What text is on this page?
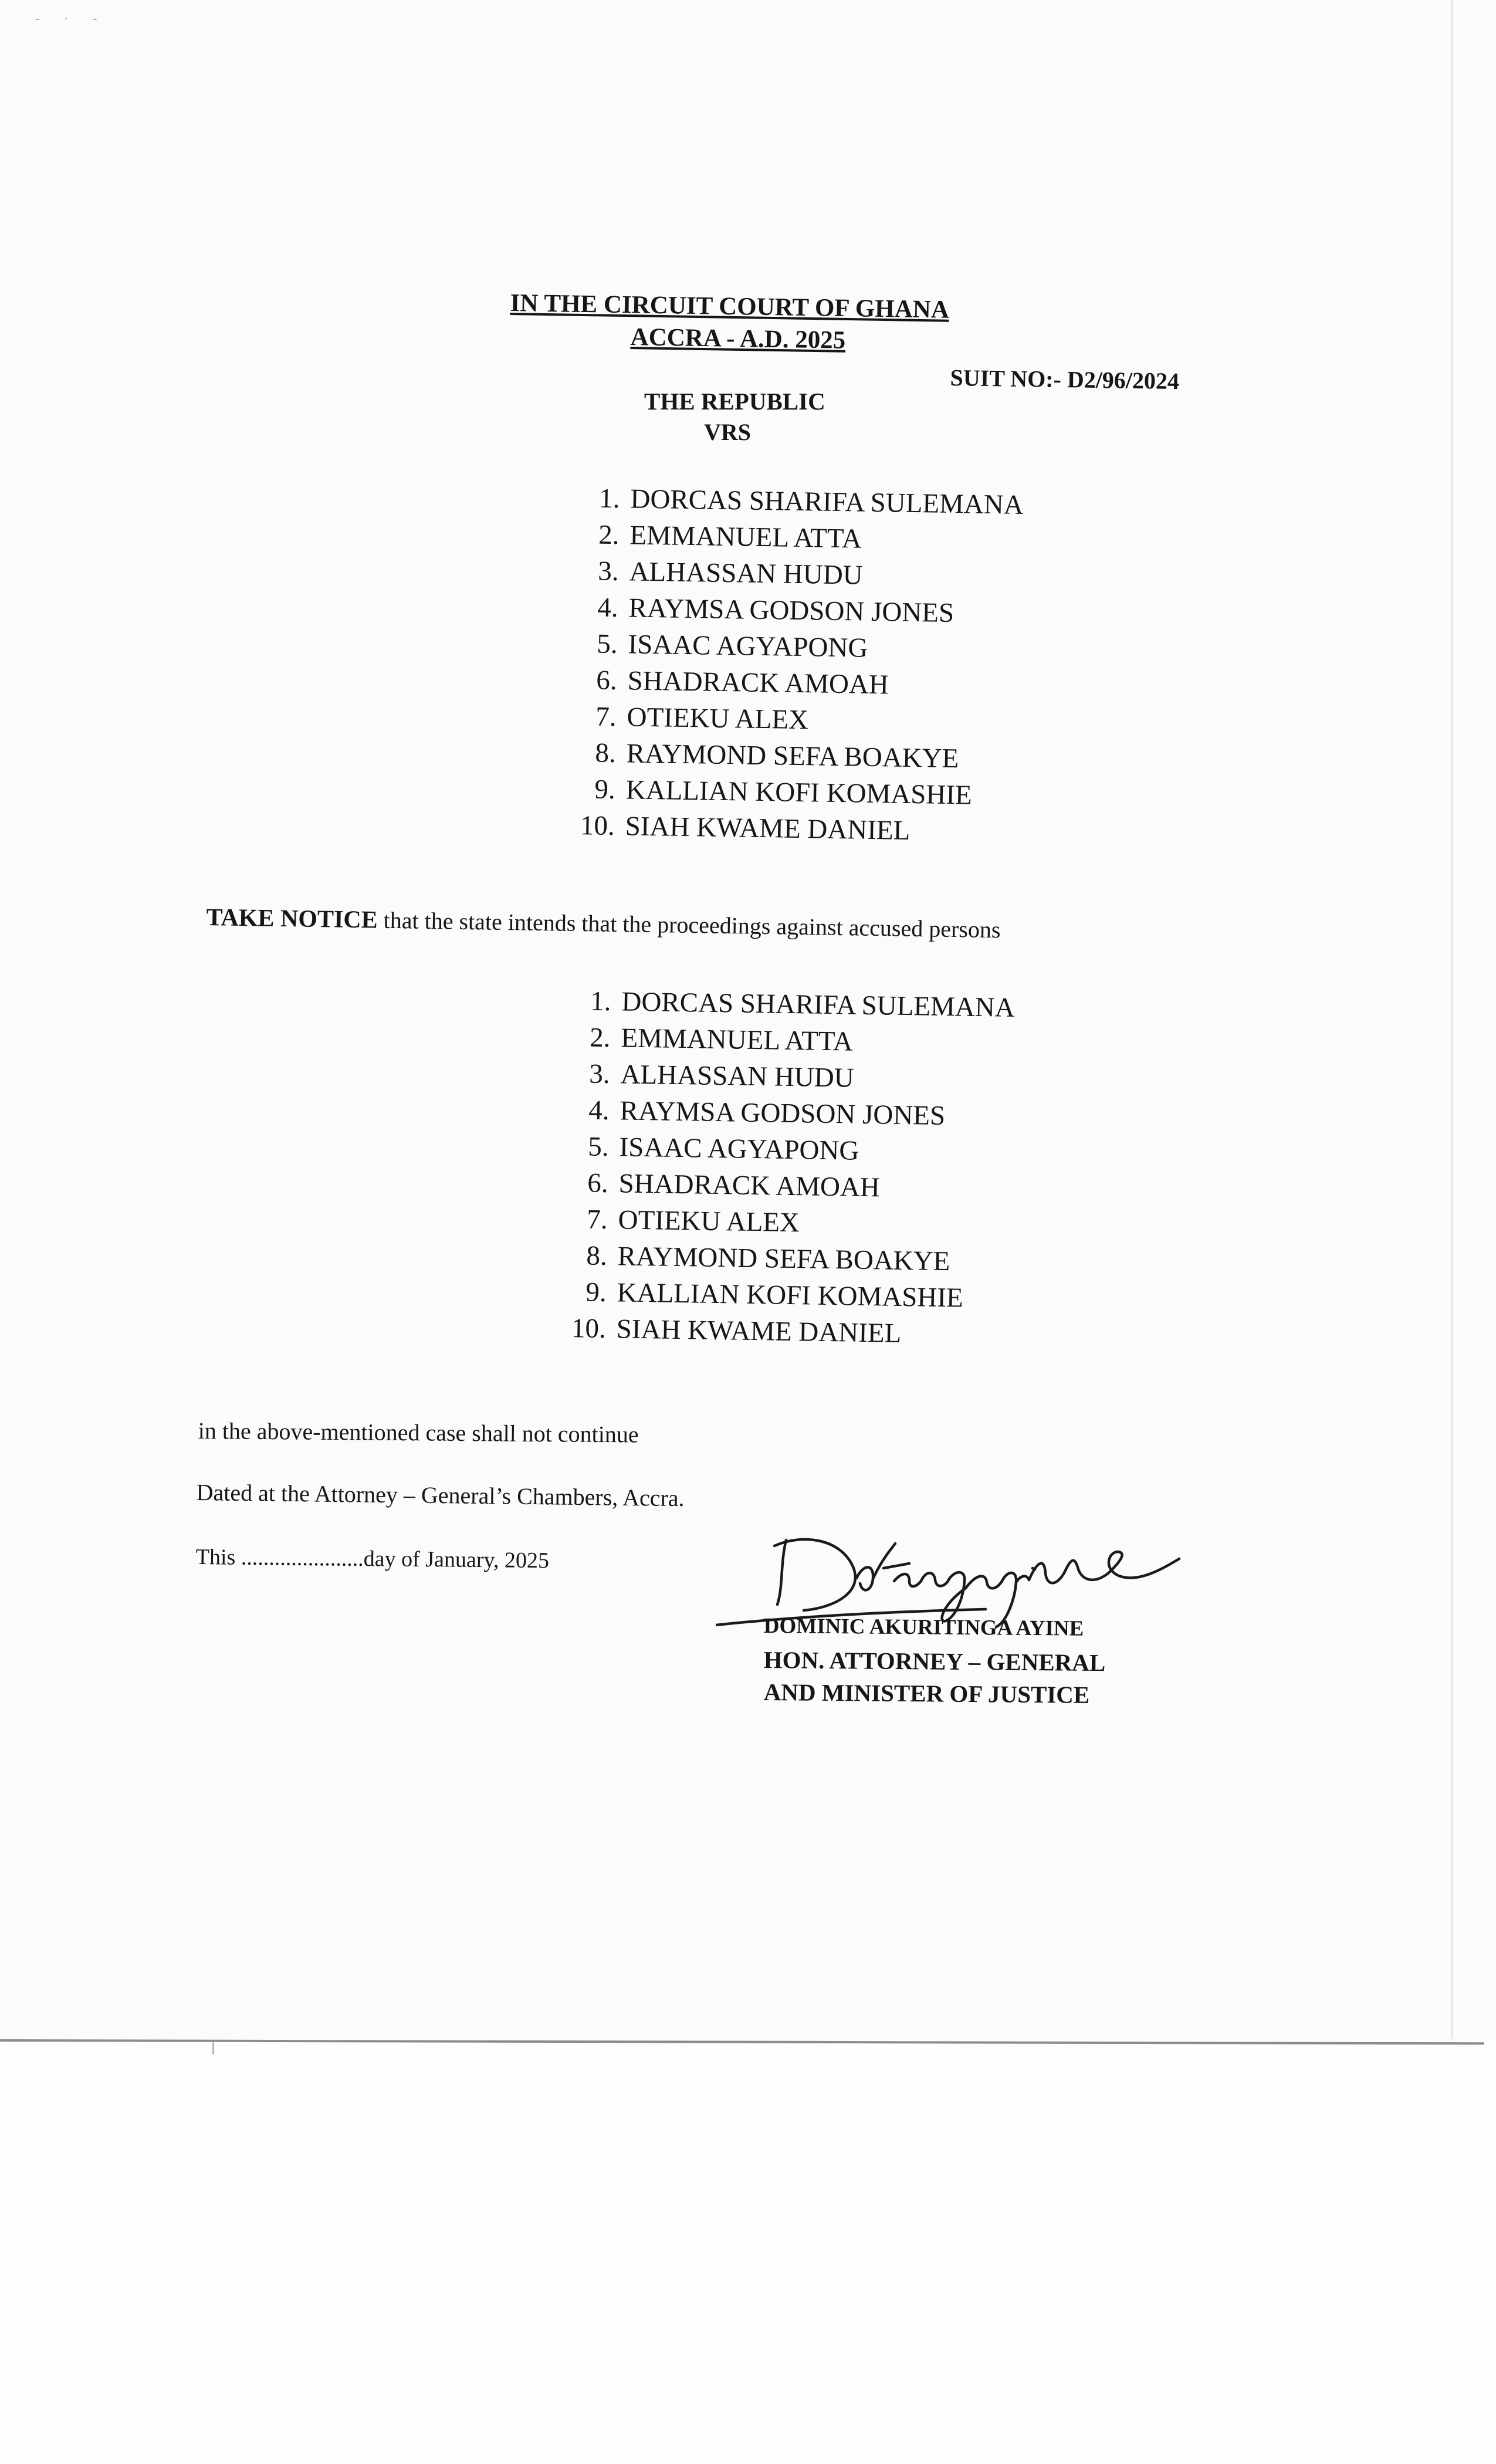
- · -
IN THE CIRCUIT COURT OF GHANA
ACCRA - A.D. 2025
SUIT NO:- D2/96/2024
THE REPUBLIC
VRS
1. DORCAS SHARIFA SULEMANA
2. EMMANUEL ATTA
3. ALHASSAN HUDU
4. RAYMSA GODSON JONES
5. ISAAC AGYAPONG
6. SHADRACK AMOAH
7. OTIEKU ALEX
8. RAYMOND SEFA BOAKYE
9. KALLIAN KOFI KOMASHIE
10. SIAH KWAME DANIEL
TAKE NOTICE that the state intends that the proceedings against accused persons
1. DORCAS SHARIFA SULEMANA
2. EMMANUEL ATTA
3. ALHASSAN HUDU
4. RAYMSA GODSON JONES
5. ISAAC AGYAPONG
6. SHADRACK AMOAH
7. OTIEKU ALEX
8. RAYMOND SEFA BOAKYE
9. KALLIAN KOFI KOMASHIE
10. SIAH KWAME DANIEL
in the above-mentioned case shall not continue
Dated at the Attorney – General’s Chambers, Accra.
This ......................day of January, 2025
DOMINIC AKURITINGA AYINE
HON. ATTORNEY – GENERAL
AND MINISTER OF JUSTICE
